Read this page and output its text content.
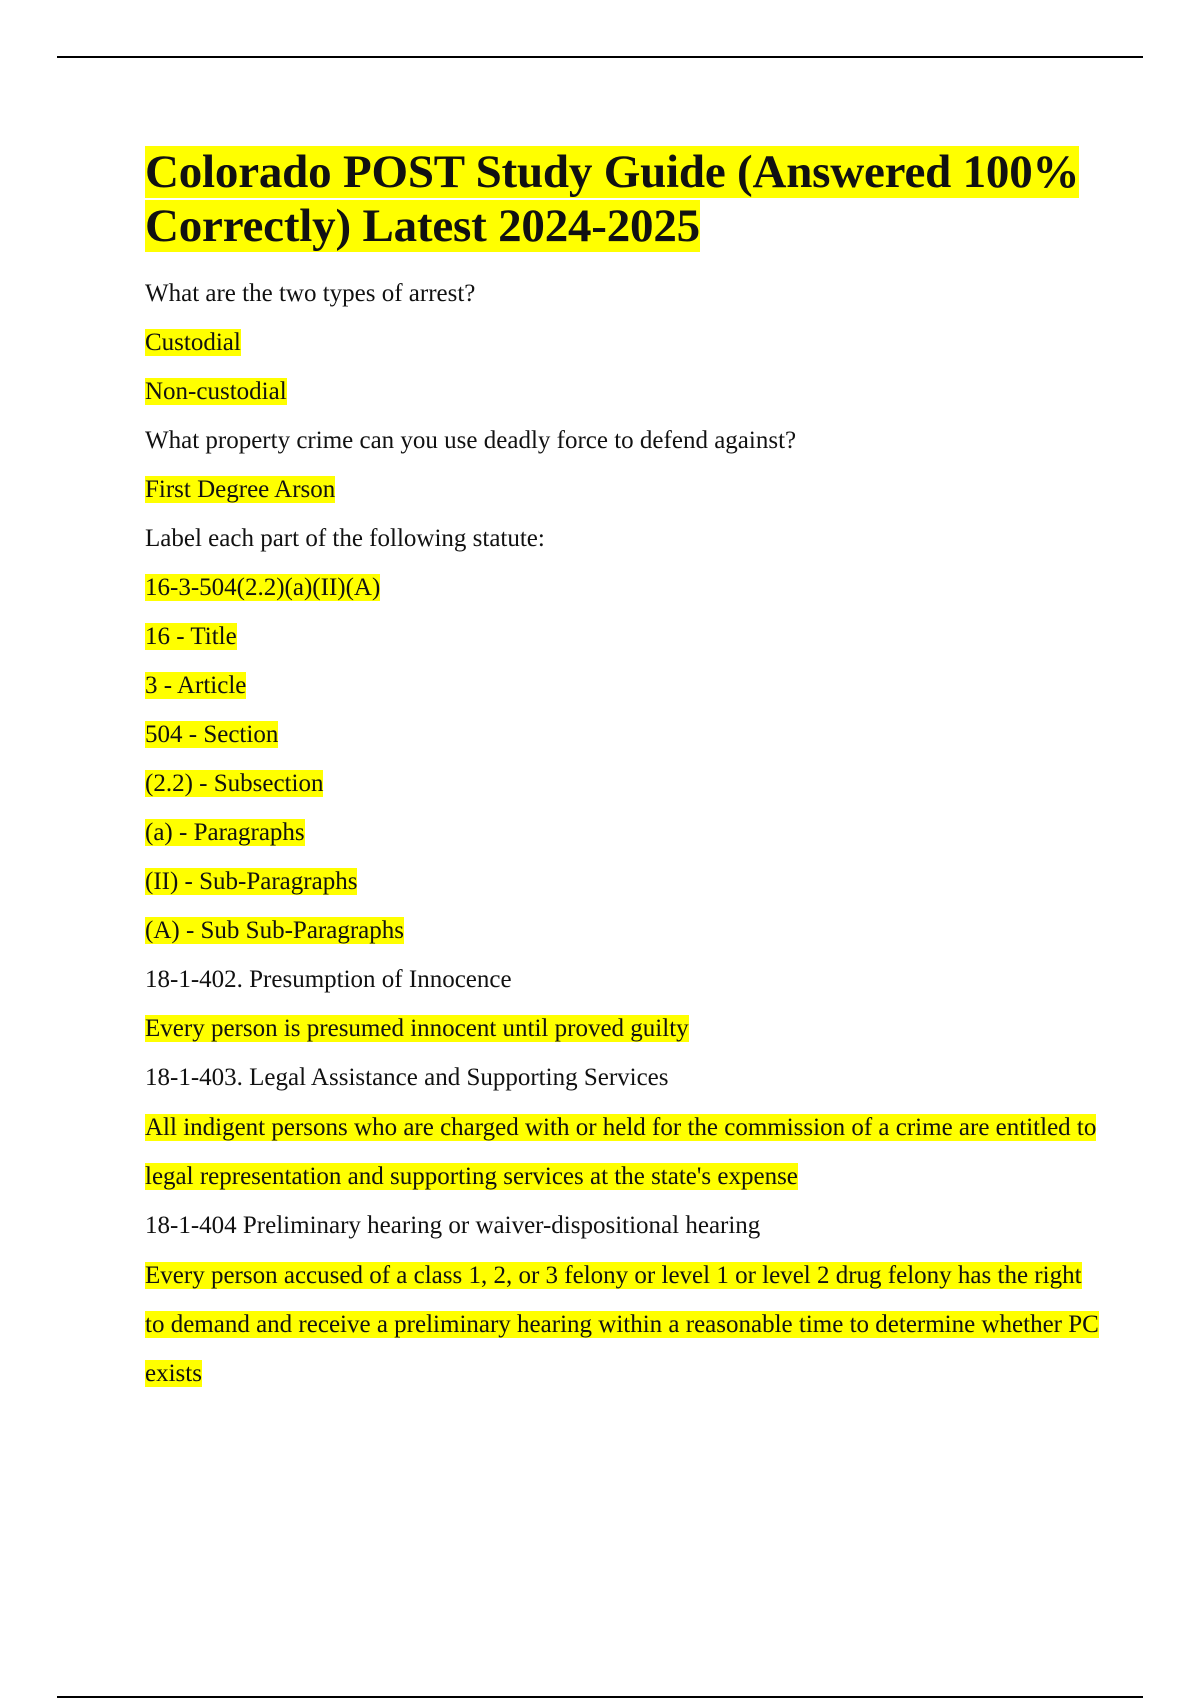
Colorado POST Study Guide (Answered 100% Correctly) Latest 2024-2025

What are the two types of arrest?

Custodial

Non-custodial

What property crime can you use deadly force to defend against?

First Degree Arson

Label each part of the following statute:

16-3-504(2.2)(a)(II)(A)

16 - Title

3 - Article

504 - Section

(2.2) - Subsection

(a) - Paragraphs

(II) - Sub-Paragraphs

(A) - Sub Sub-Paragraphs

18-1-402. Presumption of Innocence

Every person is presumed innocent until proved guilty

18-1-403. Legal Assistance and Supporting Services

All indigent persons who are charged with or held for the commission of a crime are entitled to legal representation and supporting services at the state's expense

18-1-404 Preliminary hearing or waiver-dispositional hearing

Every person accused of a class 1, 2, or 3 felony or level 1 or level 2 drug felony has the right to demand and receive a preliminary hearing within a reasonable time to determine whether PC exists
